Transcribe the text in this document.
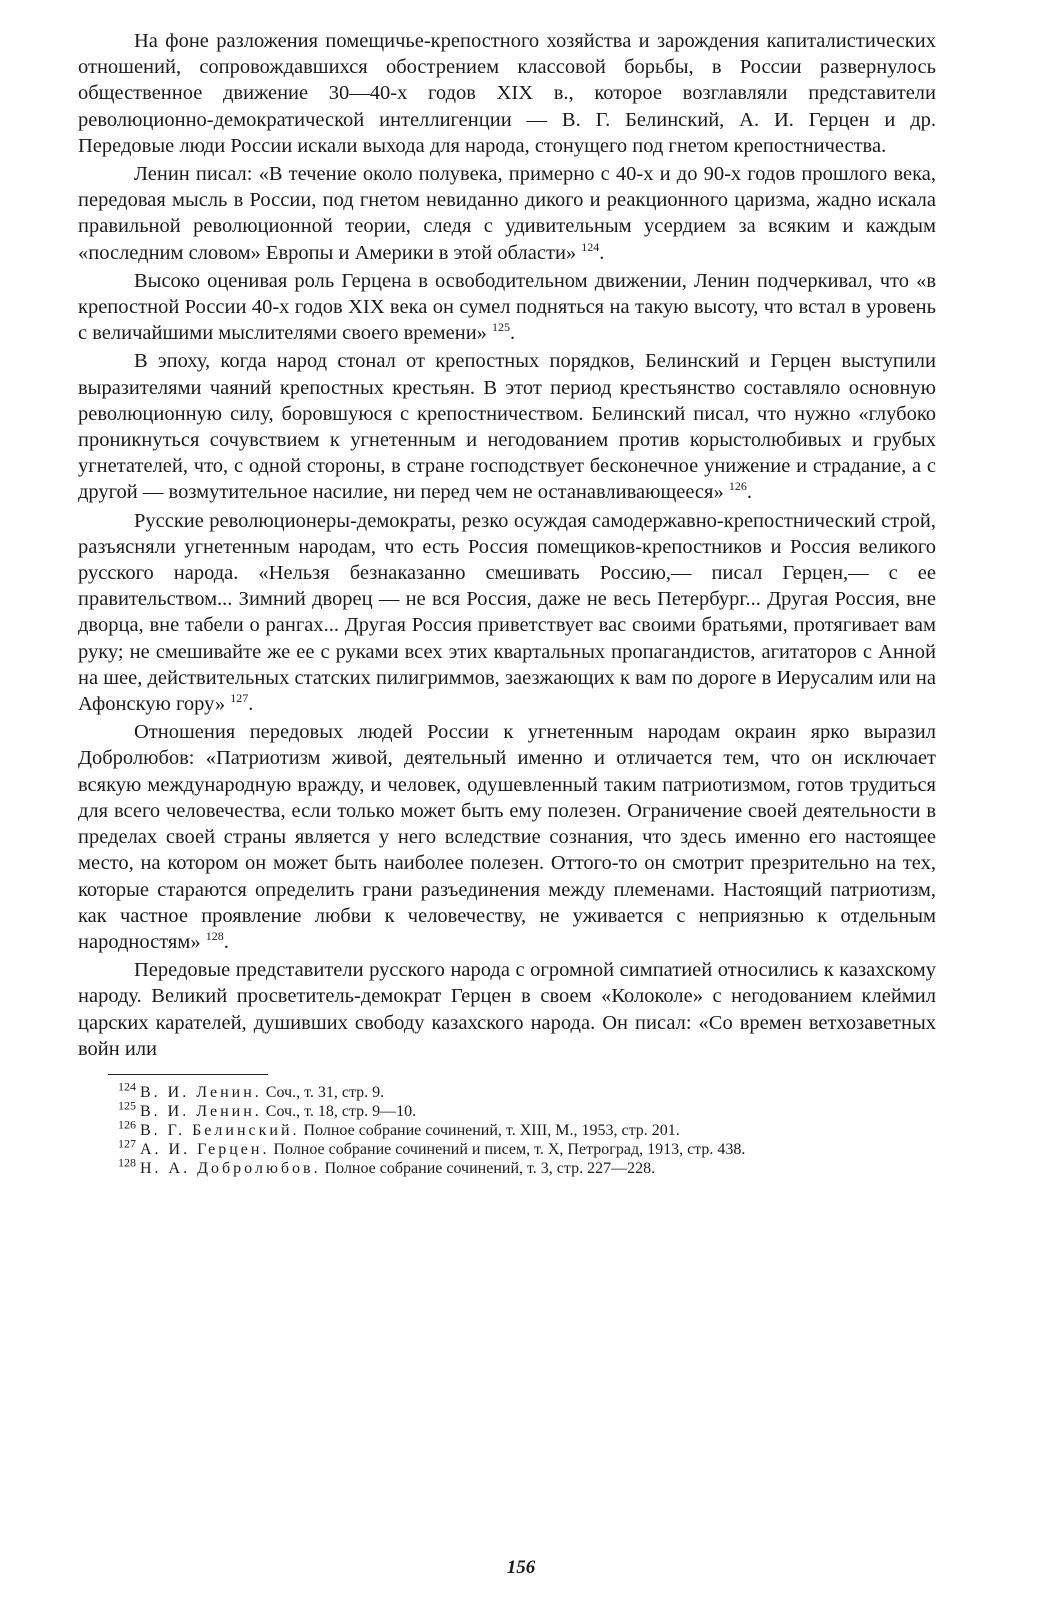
На фоне разложения помещичье-крепостного хозяйства и зарождения капиталистических отношений, сопровождавшихся обострением классовой борьбы, в России развернулось общественное движение 30—40-х годов XIX в., которое возглавляли представители революционно-демократической интеллигенции — В. Г. Белинский, А. И. Герцен и др. Передовые люди России искали выхода для народа, стонущего под гнетом крепостничества.

Ленин писал: «В течение около полувека, примерно с 40-х и до 90-х годов прошлого века, передовая мысль в России, под гнетом невиданно дикого и реакционного царизма, жадно искала правильной революционной теории, следя с удивительным усердием за всяким и каждым «последним словом» Европы и Америки в этой области» $^{124}$.

Высоко оценивая роль Герцена в освободительном движении, Ленин подчеркивал, что «в крепостной России 40-х годов XIX века он сумел подняться на такую высоту, что встал в уровень с величайшими мыслителями своего времени» $^{125}$.

В эпоху, когда народ стонал от крепостных порядков, Белинский и Герцен выступили выразителями чаяний крепостных крестьян. В этот период крестьянство составляло основную революционную силу, боровшуюся с крепостничеством. Белинский писал, что нужно «глубоко проникнуться сочувствием к угнетенным и негодованием против корыстолюбивых и грубых угнетателей, что, с одной стороны, в стране господствует бесконечное унижение и страдание, а с другой — возмутительное насилие, ни перед чем не останавливающееся» $^{126}$.

Русские революционеры-демократы, резко осуждая самодержавно-крепостнический строй, разъясняли угнетенным народам, что есть Россия помещиков-крепостников и Россия великого русского народа. «Нельзя безнаказанно смешивать Россию,— писал Герцен,— с ее правительством... Зимний дворец — не вся Россия, даже не весь Петербург... Другая Россия, вне дворца, вне табели о рангах... Другая Россия приветствует вас своими братьями, протягивает вам руку; не смешивайте же ее с руками всех этих квартальных пропагандистов, агитаторов с Анной на шее, действительных статских пилигриммов, заезжающих к вам по дороге в Иерусалим или на Афонскую гору» $^{127}$.

Отношения передовых людей России к угнетенным народам окраин ярко выразил Добролюбов: «Патриотизм живой, деятельный именно и отличается тем, что он исключает всякую международную вражду, и человек, одушевленный таким патриотизмом, готов трудиться для всего человечества, если только может быть ему полезен. Ограничение своей деятельности в пределах своей страны является у него вследствие сознания, что здесь именно его настоящее место, на котором он может быть наиболее полезен. Оттого-то он смотрит презрительно на тех, которые стараются определить грани разъединения между племенами. Настоящий патриотизм, как частное проявление любви к человечеству, не уживается с неприязнью к отдельным народностям» $^{128}$.

Передовые представители русского народа с огромной симпатией относились к казахскому народу. Великий просветитель-демократ Герцен в своем «Колоколе» с негодованием клеймил царских карателей, душивших свободу казахского народа. Он писал: «Со времен ветхозаветных войн или

$^{124}$ В. И. Ленин. Соч., т. 31, стр. 9.

$^{125}$ В. И. Ленин. Соч., т. 18, стр. 9—10.

$^{126}$ В. Г. Белинский. Полное собрание сочинений, т. XIII, М., 1953, стр. 201.

$^{127}$ А. И. Герцен. Полное собрание сочинений и писем, т. X, Петроград, 1913, стр. 438.

$^{128}$ Н. А. Добролюбов. Полное собрание сочинений, т. 3, стр. 227—228.

156
